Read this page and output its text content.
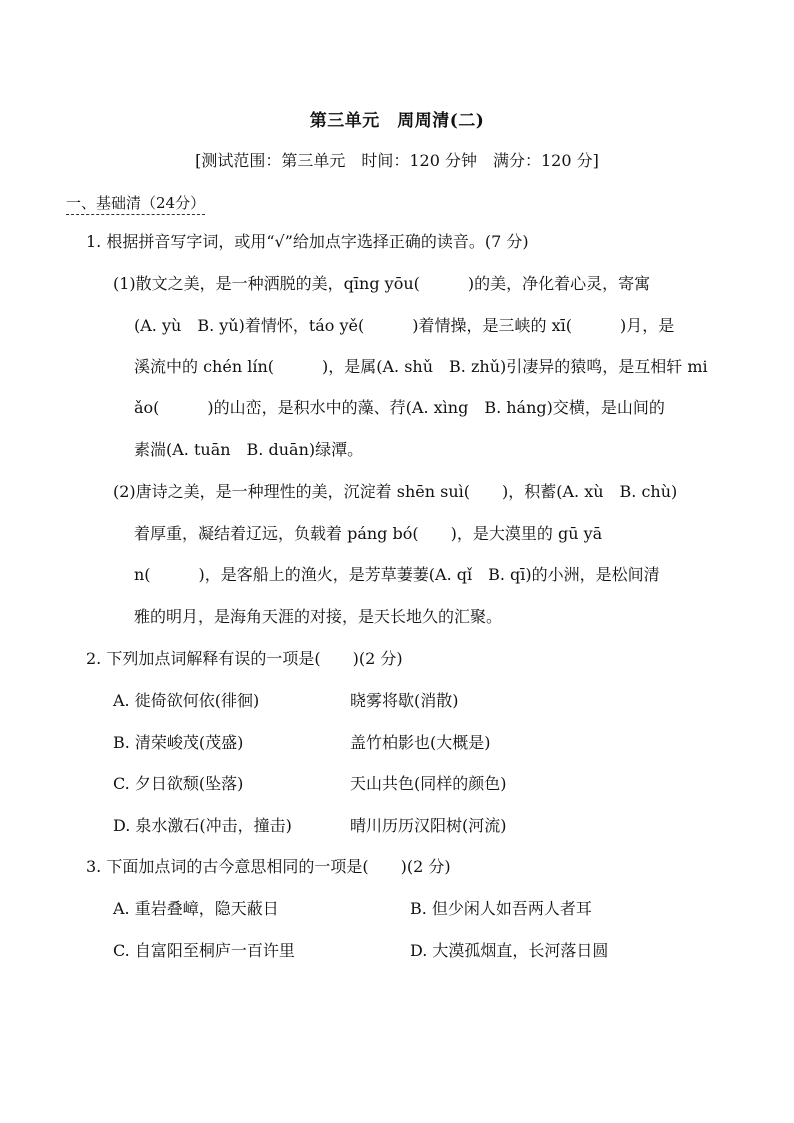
第三单元　周周清(二)
[测试范围：第三单元　时间：120 分钟　满分：120 分]
一、基础清（24分）
1. 根据拼音写字词，或用“√”给加点字选择正确的读音。(7 分)
(1)散文之美，是一种洒脱的美，qīng yōu(　　　)的美，净化着心灵，寄寓
(A. yù　B. yǔ)着情怀，táo yě(　　　)着情操，是三峡的 xī(　　　)月，是
溪流中的 chén lín(　　　)，是属(A. shǔ　B. zhǔ)引凄异的猿鸣，是互相轩 mi
ǎo(　　　)的山峦，是积水中的藻、荇(A. xìng　B. háng)交横，是山间的
素湍(A. tuān　B. duān)绿潭。
(2)唐诗之美，是一种理性的美，沉淀着 shēn suì(　　)，积蓄(A. xù　B. chù)
着厚重，凝结着辽远，负载着 páng bó(　　)，是大漠里的 gū yā
n(　　　)，是客船上的渔火，是芳草萋萋(A. qǐ　B. qī)的小洲，是松间清
雅的明月，是海角天涯的对接，是天长地久的汇聚。
2. 下列加点词解释有误的一项是(　　)(2 分)
A. 徙倚欲何依(徘徊)	晓雾将歇(消散)
B. 清荣峻茂(茂盛)	盖竹柏影也(大概是)
C. 夕日欲颓(坠落)	天山共色(同样的颜色)
D. 泉水激石(冲击，撞击)	晴川历历汉阳树(河流)
3. 下面加点词的古今意思相同的一项是(　　)(2 分)
A. 重岩叠嶂，隐天蔽日	B. 但少闲人如吾两人者耳
C. 自富阳至桐庐一百许里	D. 大漠孤烟直，长河落日圆
